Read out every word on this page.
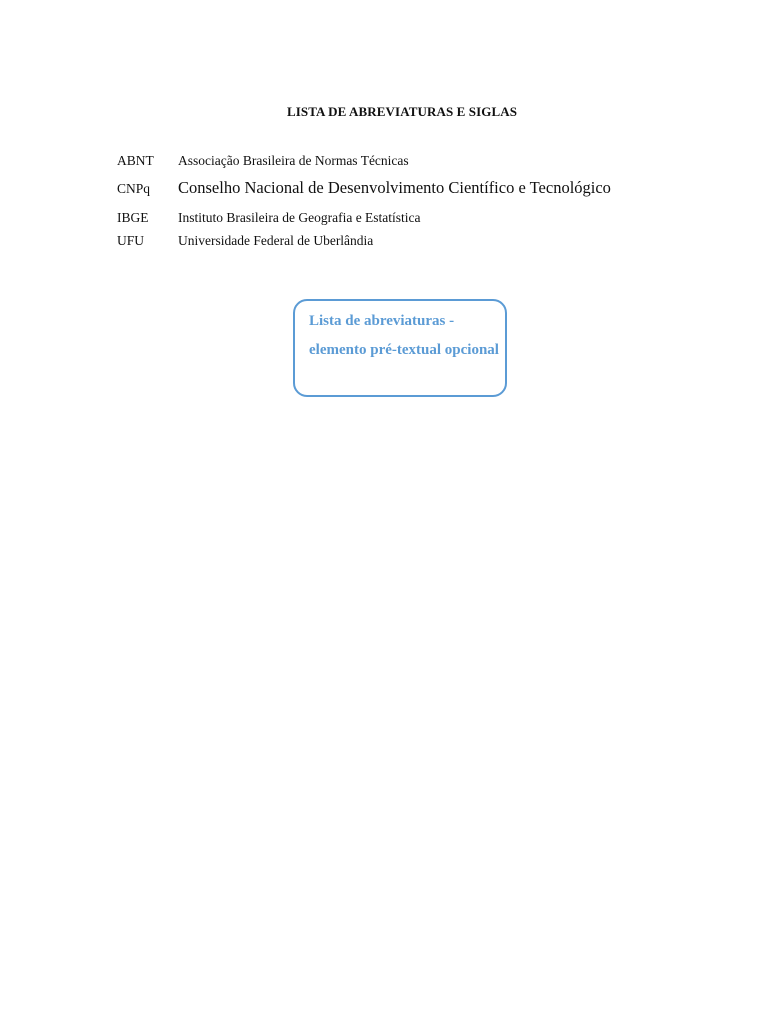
LISTA DE ABREVIATURAS E SIGLAS
ABNT Associação Brasileira de Normas Técnicas
CNPq Conselho Nacional de Desenvolvimento Científico e Tecnológico
IBGE Instituto Brasileira de Geografia e Estatística
UFU	Universidade Federal de Uberlândia
Lista de abreviaturas - elemento pré-textual opcional
